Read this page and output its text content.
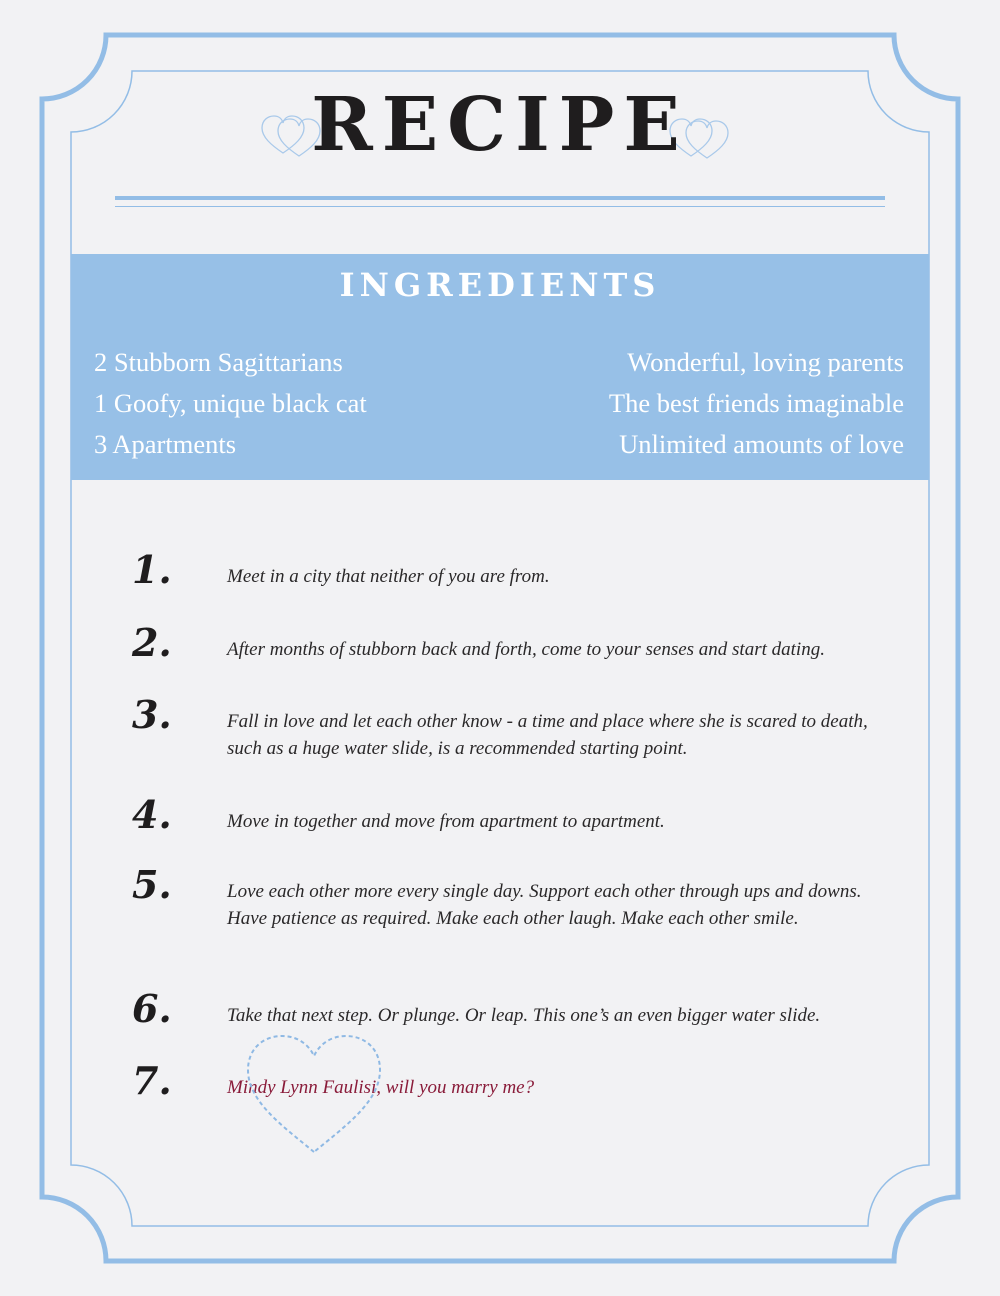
RECIPE
INGREDIENTS
2 Stubborn Sagittarians
1 Goofy, unique black cat
3 Apartments
Wonderful, loving parents
The best friends imaginable
Unlimited amounts of love
1.	Meet in a city that neither of you are from.
2.	After months of stubborn back and forth, come to your senses and start dating.
3.	Fall in love and let each other know - a time and place where she is scared to death, such as a huge water slide, is a recommended starting point.
4.	Move in together and move from apartment to apartment.
5.	Love each other more every single day. Support each other through ups and downs. Have patience as required. Make each other laugh. Make each other smile.
6.	Take that next step. Or plunge. Or leap. This one’s an even bigger water slide.
7.	Mindy Lynn Faulisi, will you marry me?
